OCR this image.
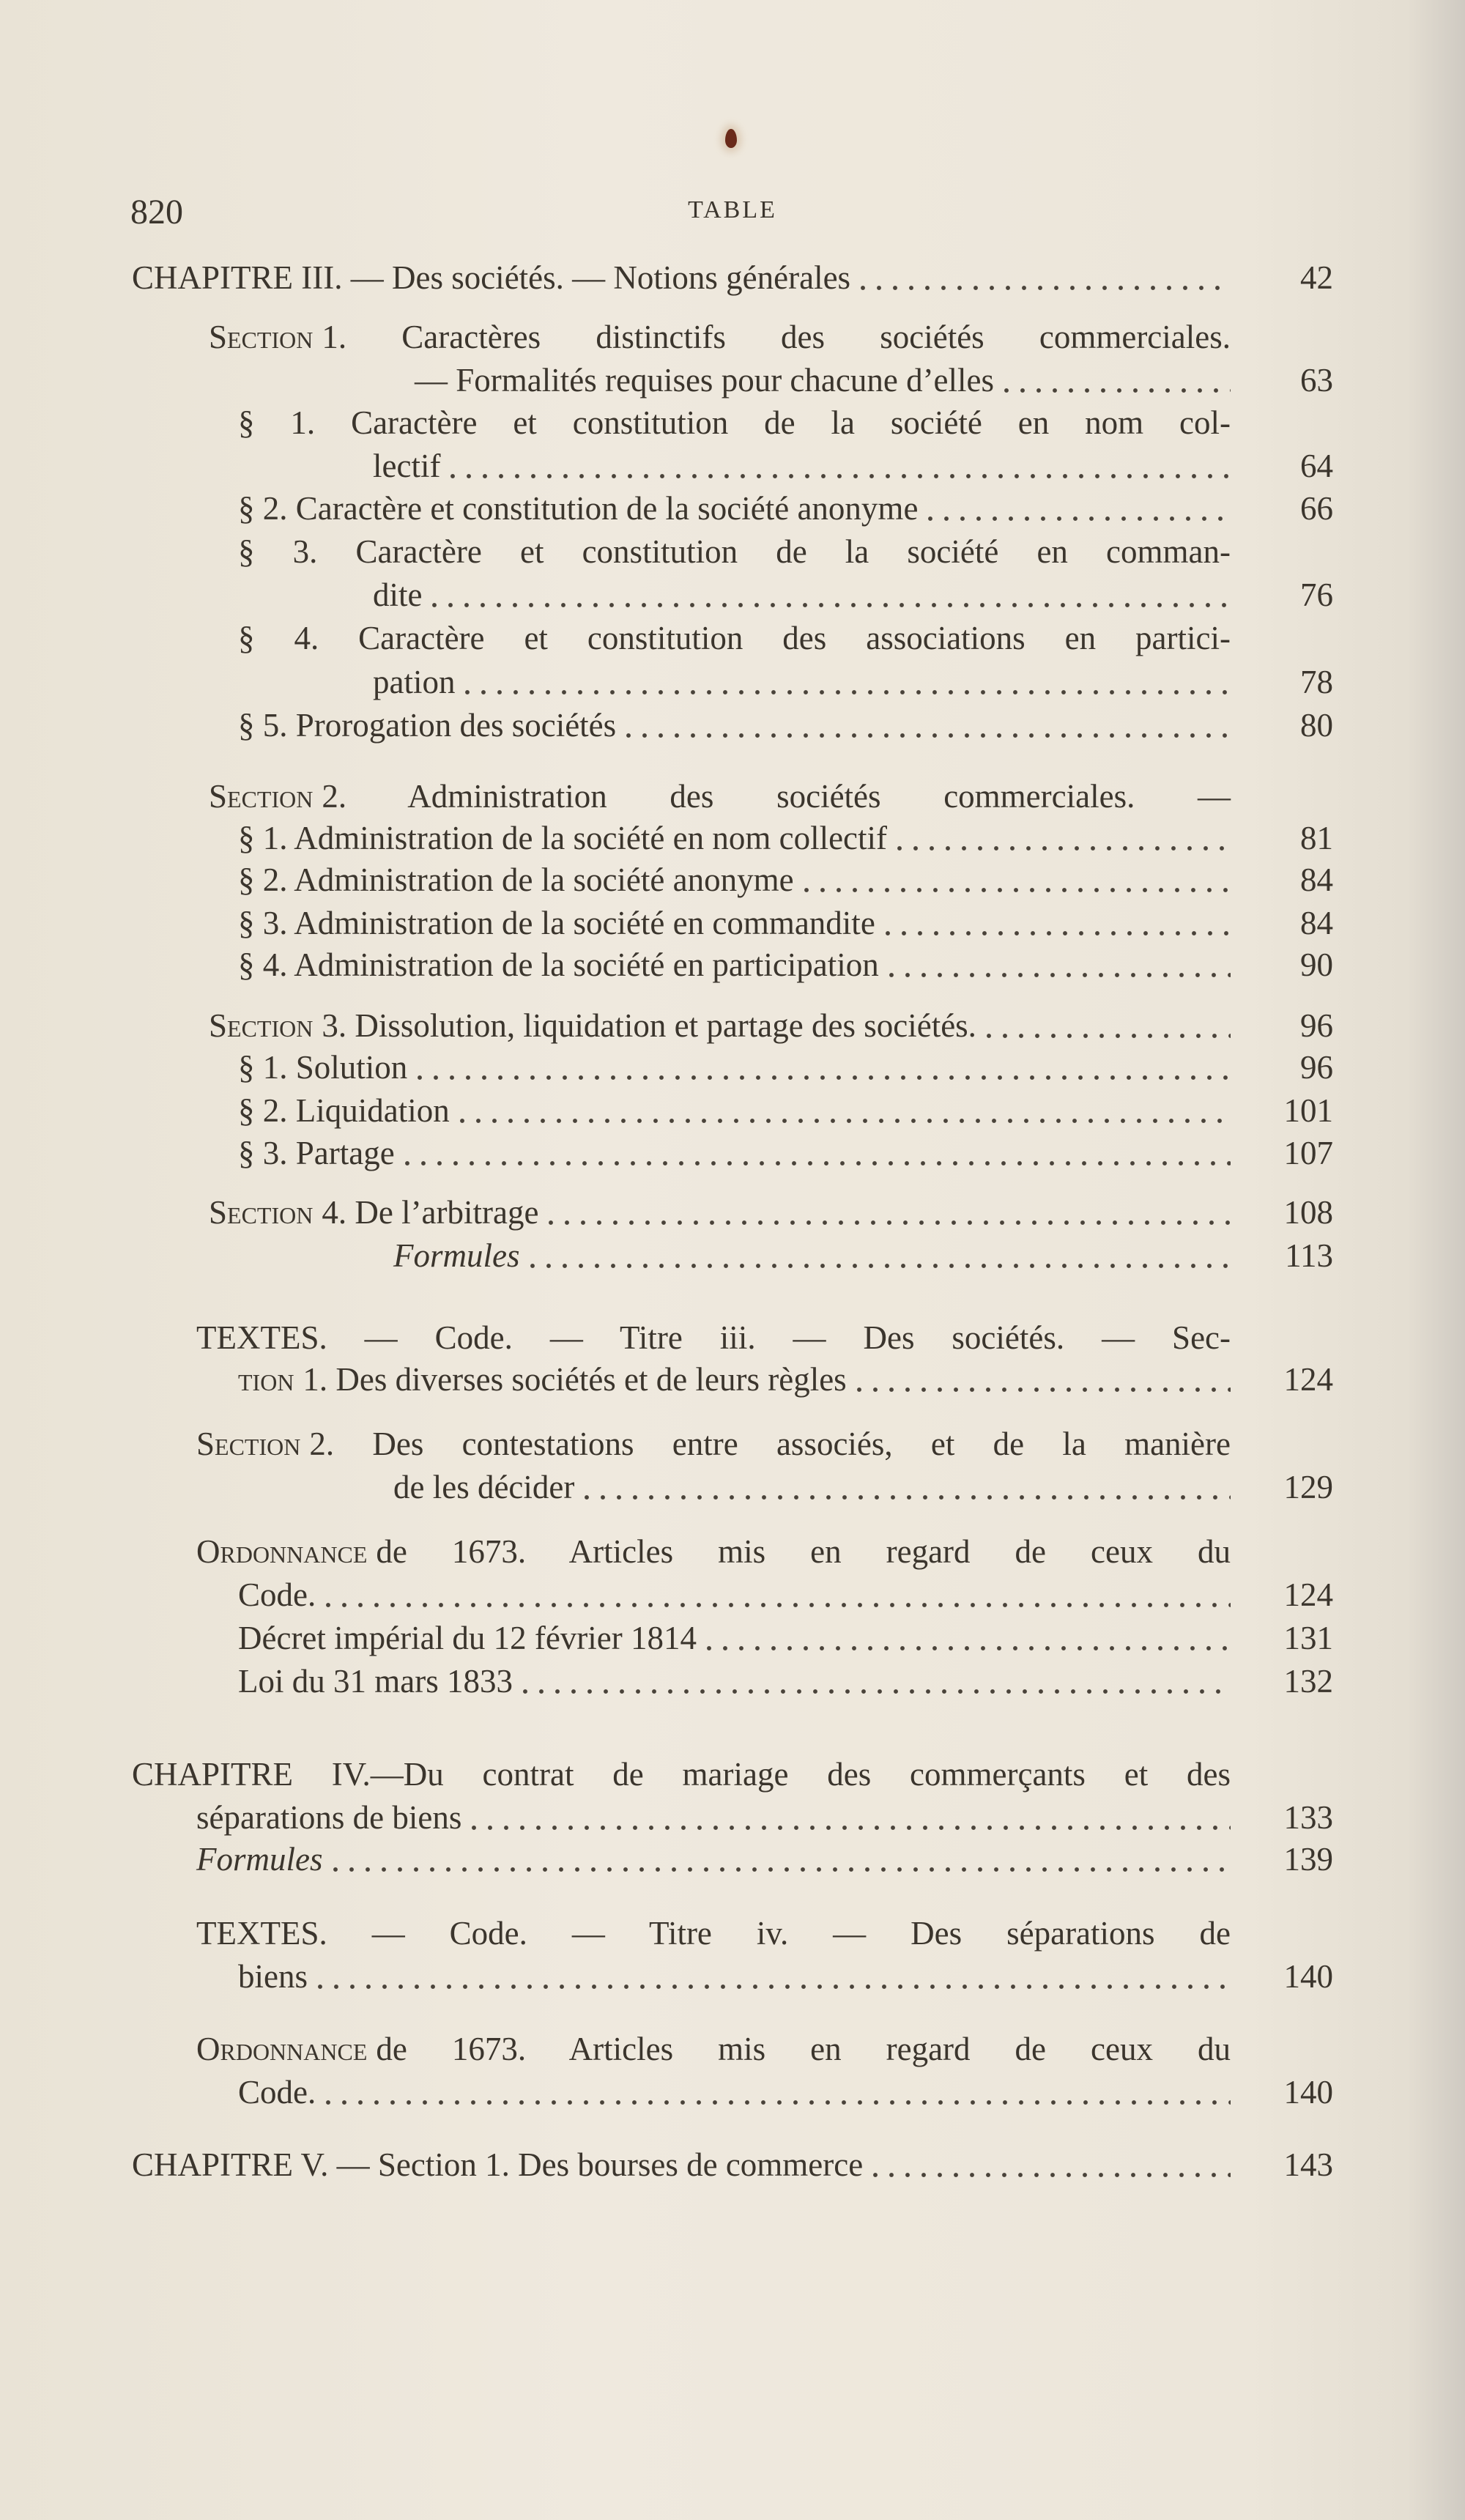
820	TABLE
CHAPITRE III. — Des sociétés. — Notions générales	42
Section 1. Caractères distinctifs des sociétés commerciales.
— Formalités requises pour chacune d’elles	63
§ 1. Caractère et constitution de la société en nom col-
lectif	64
§ 2. Caractère et constitution de la société anonyme	66
§ 3. Caractère et constitution de la société en comman-
dite	76
§ 4. Caractère et constitution des associations en partici-
pation	78
§ 5. Prorogation des sociétés	80
Section 2. Administration des sociétés commerciales. —
§ 1. Administration de la société en nom collectif	81
§ 2. Administration de la société anonyme	84
§ 3. Administration de la société en commandite	84
§ 4. Administration de la société en participation	90
Section 3. Dissolution, liquidation et partage des sociétés.	96
§ 1. Solution	96
§ 2. Liquidation	101
§ 3. Partage	107
Section 4. De l’arbitrage	108
Formules	113
TEXTES. — Code. — Titre iii. — Des sociétés. — Sec-
tion 1. Des diverses sociétés et de leurs règles	124
Section 2. Des contestations entre associés, et de la manière
de les décider	129
Ordonnance de 1673. Articles mis en regard de ceux du
Code.	124
Décret impérial du 12 février 1814	131
Loi du 31 mars 1833	132
CHAPITRE IV.—Du contrat de mariage des commerçants et des
séparations de biens	133
Formules	139
TEXTES. — Code. — Titre iv. — Des séparations de
biens	140
Ordonnance de 1673. Articles mis en regard de ceux du
Code.	140
CHAPITRE V. — Section 1. Des bourses de commerce	143
